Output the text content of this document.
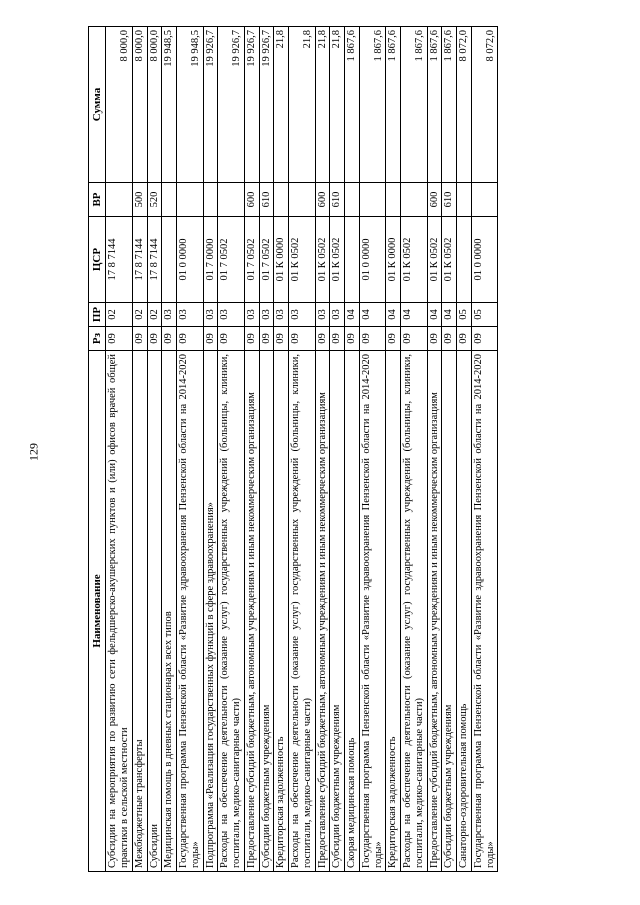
129
Наименование	Рз	ПР	ЦСР	ВР	Сумма
Субсидии на мероприятия по развитию сети фельдшерско-акушерских пунктов и (или) офисов врачей общей практики в сельской местности	09	02	17 8 7144		8 000,0
Межбюджетные трансферты	09	02	17 8 7144	500	8 000,0
Субсидии	09	02	17 8 7144	520	8 000,0
Медицинская помощь в дневных стационарах всех типов	09	03			19 948,5
Государственная программа Пензенской области «Развитие здравоохранения Пензенской области на 2014-2020 годы»	09	03	01 0 0000		19 948,5
Подпрограмма «Реализация государственных функций в сфере здравоохранения»	09	03	01 7 0000		19 926,7
Расходы на обеспечение деятельности (оказание услуг) государственных учреждений (больницы, клиники, госпитали, медико-санитарные части)	09	03	01 7 0502		19 926,7
Предоставление субсидий бюджетным, автономным учреждениям и иным некоммерческим организациям	09	03	01 7 0502	600	19 926,7
Субсидии бюджетным учреждениям	09	03	01 7 0502	610	19 926,7
Кредиторская задолженность	09	03	01 К 0000		21,8
Расходы на обеспечение деятельности (оказание услуг) государственных учреждений (больницы, клиники, госпитали, медико-санитарные части)	09	03	01 К 0502		21,8
Предоставление субсидий бюджетным, автономным учреждениям и иным некоммерческим организациям	09	03	01 К 0502	600	21,8
Субсидии бюджетным учреждениям	09	03	01 К 0502	610	21,8
Скорая медицинская помощь	09	04			1 867,6
Государственная программа Пензенской области «Развитие здравоохранения Пензенской области на 2014-2020 годы»	09	04	01 0 0000		1 867,6
Кредиторская задолженность	09	04	01 К 0000		1 867,6
Расходы на обеспечение деятельности (оказание услуг) государственных учреждений (больницы, клиники, госпитали, медико-санитарные части)	09	04	01 К 0502		1 867,6
Предоставление субсидий бюджетным, автономным учреждениям и иным некоммерческим организациям	09	04	01 К 0502	600	1 867,6
Субсидии бюджетным учреждениям	09	04	01 К 0502	610	1 867,6
Санаторно-оздоровительная помощь	09	05			8 072,0
Государственная программа Пензенской области «Развитие здравоохранения Пензенской области на 2014-2020 годы»	09	05	01 0 0000		8 072,0
